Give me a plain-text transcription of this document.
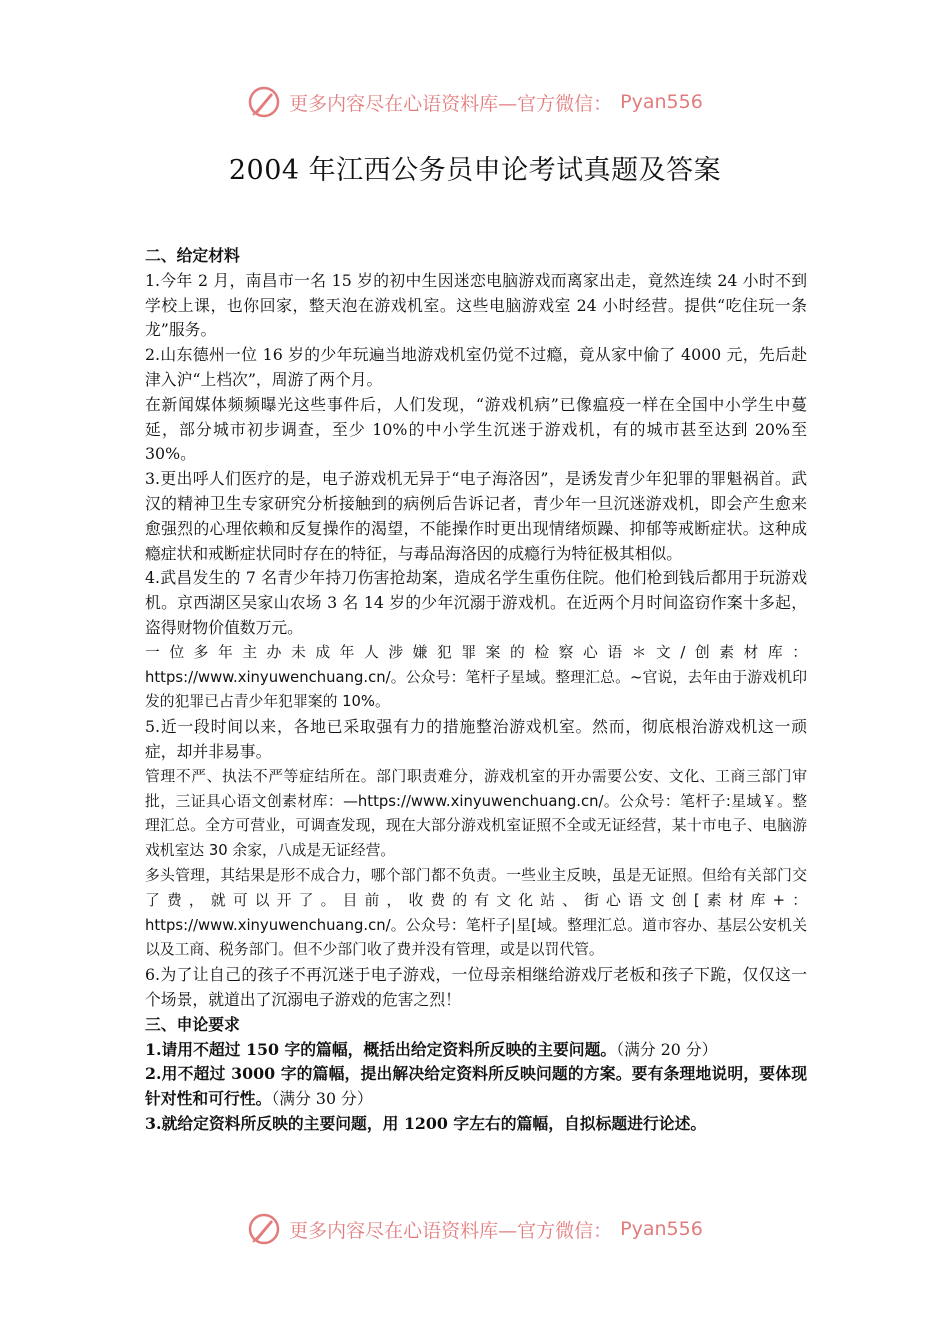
更多内容尽在心语资料库—官方微信： Pyan556
2004 年江西公务员申论考试真题及答案

二、给定材料

1.今年 2 月，南昌市一名 15 岁的初中生因迷恋电脑游戏而离家出走，竟然连续 24 小时不到学校上课，也你回家，整天泡在游戏机室。这些电脑游戏室 24 小时经营。提供“吃住玩一条龙”服务。

2.山东德州一位 16 岁的少年玩遍当地游戏机室仍觉不过瘾，竟从家中偷了 4000 元，先后赴津入沪“上档次”，周游了两个月。

在新闻媒体频频曝光这些事件后，人们发现，“游戏机病”已像瘟疫一样在全国中小学生中蔓延，部分城市初步调查，至少 10%的中小学生沉迷于游戏机，有的城市甚至达到 20%至 30%。

3.更出呼人们医疗的是，电子游戏机无异于“电子海洛因”，是诱发青少年犯罪的罪魁祸首。武汉的精神卫生专家研究分析接触到的病例后告诉记者，青少年一旦沉迷游戏机，即会产生愈来愈强烈的心理依赖和反复操作的渴望，不能操作时更出现情绪烦躁、抑郁等戒断症状。这种成瘾症状和戒断症状同时存在的特征，与毒品海洛因的成瘾行为特征极其相似。

4.武昌发生的 7 名青少年持刀伤害抢劫案，造成名学生重伤住院。他们枪到钱后都用于玩游戏机。京西湖区吴家山农场 3 名 14 岁的少年沉溺于游戏机。在近两个月时间盗窃作案十多起，盗得财物价值数万元。

一位多年主办未成年人涉嫌犯罪案的检察心语＊文/创素材库：https://www.xinyuwenchuang.cn/。公众号：笔杆子星域。整理汇总。~官说，去年由于游戏机印发的犯罪已占青少年犯罪案的 10%。

5.近一段时间以来，各地已采取强有力的措施整治游戏机室。然而，彻底根治游戏机这一顽症，却并非易事。

管理不严、执法不严等症结所在。部门职责难分，游戏机室的开办需要公安、文化、工商三部门审批，三证具心语文创素材库：—https://www.xinyuwenchuang.cn/。公众号：笔杆子:星域￥。整理汇总。全方可营业，可调查发现，现在大部分游戏机室证照不全或无证经营，某十市电子、电脑游戏机室达 30 余家，八成是无证经营。

多头管理，其结果是形不成合力，哪个部门都不负责。一些业主反映，虽是无证照。但给有关部门交了费，就可以开了。目前，收费的有文化站、街心语文创[素材库+：https://www.xinyuwenchuang.cn/。公众号：笔杆子|星[域。整理汇总。道市容办、基层公安机关以及工商、税务部门。但不少部门收了费并没有管理，或是以罚代管。

6.为了让自己的孩子不再沉迷于电子游戏，一位母亲相继给游戏厅老板和孩子下跪，仅仅这一个场景，就道出了沉溺电子游戏的危害之烈！

三、申论要求

1.请用不超过 150 字的篇幅，概括出给定资料所反映的主要问题。（满分 20 分）

2.用不超过 3000 字的篇幅，提出解决给定资料所反映问题的方案。要有条理地说明，要体现针对性和可行性。（满分 30 分）

3.就给定资料所反映的主要问题，用 1200 字左右的篇幅，自拟标题进行论述。

更多内容尽在心语资料库—官方微信： Pyan556
